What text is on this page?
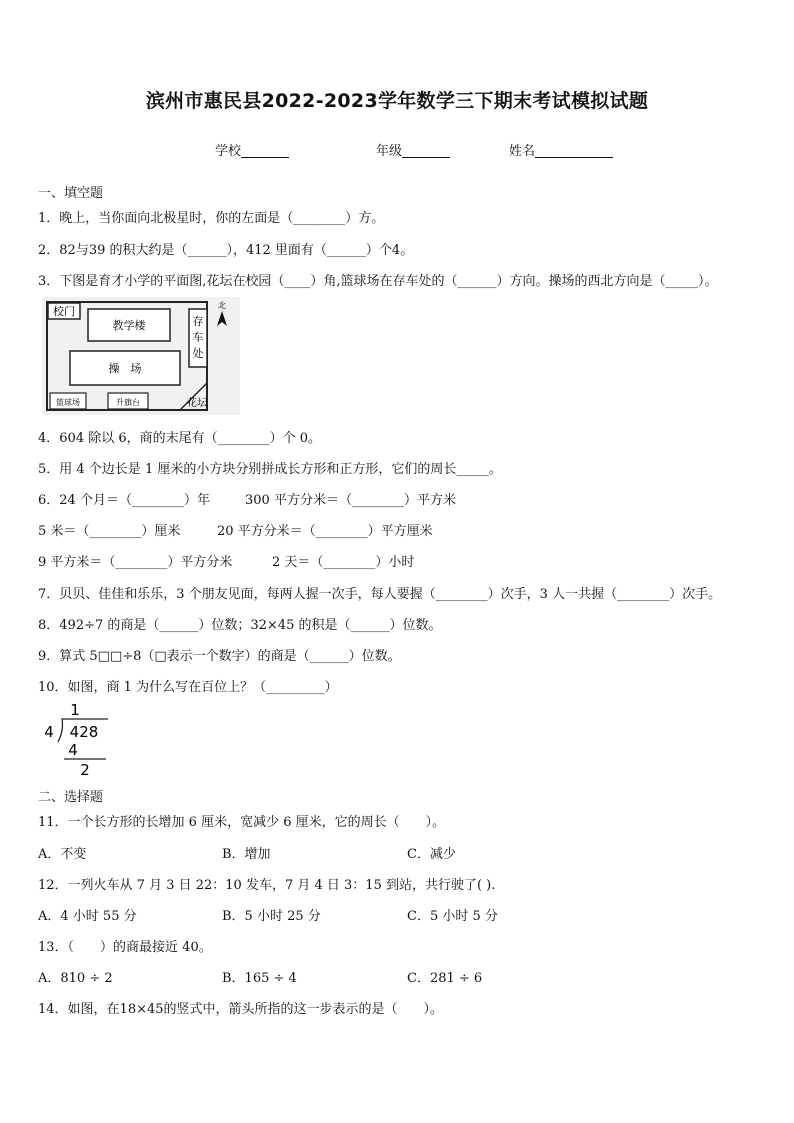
滨州市惠民县2022-2023学年数学三下期末考试模拟试题
学校	年级	姓名
一、填空题
1．晚上，当你面向北极星时，你的左面是（________）方。
2．82与39 的积大约是（______），412 里面有（______）个4。
3．下图是育才小学的平面图,花坛在校园（____）角,篮球场在存车处的（______）方向。操场的西北方向是（_____）。
校门
教学楼
操　场
存
车
处
篮球场	升旗台	花坛
北
4．604 除以 6，商的末尾有（________）个 0。
5．用 4 个边长是 1 厘米的小方块分别拼成长方形和正方形，它们的周长_____。
6．24 个月＝（________）年	300 平方分米＝（________）平方米
5 米＝（________）厘米	20 平方分米＝（________）平方厘米
9 平方米＝（________）平方分米	2 天＝（________）小时
7．贝贝、佳佳和乐乐，3 个朋友见面，每两人握一次手，每人要握（________）次手，3 人一共握（________）次手。
8．492÷7 的商是（______）位数；32×45 的积是（______）位数。
9．算式 5□□÷8（□表示一个数字）的商是（______）位数。
10．如图，商 1 为什么写在百位上？（_________）
1
4 428
4
2
二、选择题
11．一个长方形的长增加 6 厘米，宽减少 6 厘米，它的周长（　　）。
A．不变	B．增加	C．减少
12．一列火车从 7 月 3 日 22：10 发车，7 月 4 日 3：15 到站，共行驶了( ).
A．4 小时 55 分	B．5 小时 25 分	C．5 小时 5 分
13．（　　）的商最接近 40。
A．810 ÷ 2	B．165 ÷ 4	C．281 ÷ 6
14．如图，在18×45的竖式中，箭头所指的这一步表示的是（　　）。
